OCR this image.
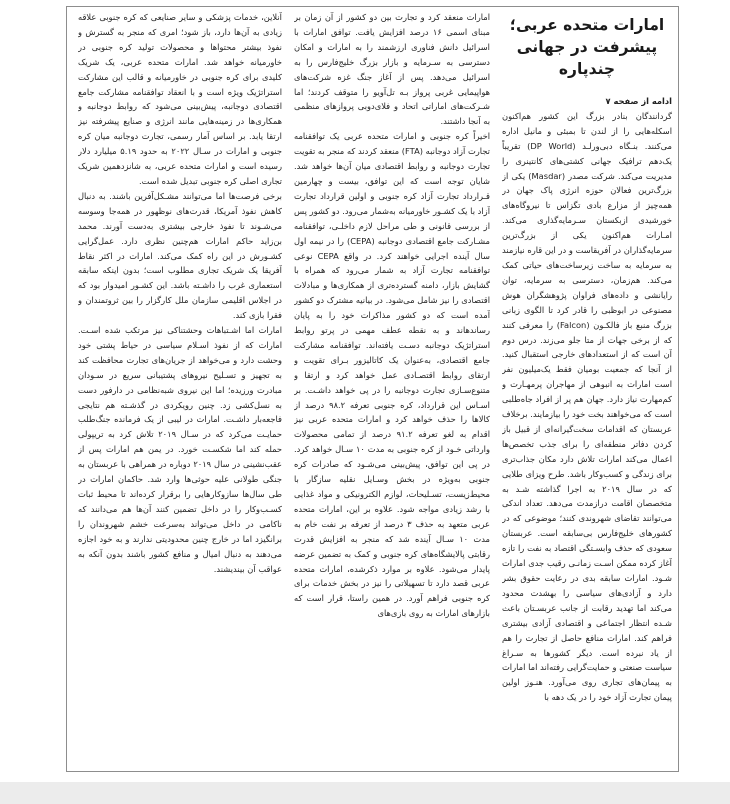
امارات متحده عربی؛
پیشرفت در جهانی چندپاره

ادامه از صفحه ۷

گردانندگان بنادر بزرگ این کشور هم‌اکنون اسکله‌هایی را از لندن تا بمبئی و مانیل اداره می‌کنند. بنـگاه دبی‌ورلـد (DP World) تقریباً یک‌دهم ترافیک جهانی کشتی‌های کانتینری را مدیریت می‌کند. شرکت مصدر (Masdar) یکی از بزرگ‌ترین فعالان حوزه انرژی پاک جهان در همه‌چیز از مزارع بادی تگزاس تا نیروگاه‌های خورشیدی ازبکستان سـرمایه‌گذاری می‌کند. امـارات هم‌اکنون یکی از بزرگ‌ترین سرمایه‌گذاران در آفریقاست و در این قاره نیازمند به سرمایه به ساخت زیرساخت‌های حیاتی کمک می‌کند. هم‌زمان، دسترسی به سرمایه، توان رایانشی و داده‌های فراوان پژوهشگران هوش مصنوعی در ابوظبی را قادر کرد تا الگوی زبانی بزرگ منبع باز فالکـون (Falcon) را معرفی کنند که از برخی جهات از متا جلو می‌زند. درس دوم آن است که از استعدادهای خارجی استقبال کنید. از آنجا که جمعیت بومیان فقط یک‌میلیون نفر است امارات به انبوهی از مهاجران پرمهـارت و کم‌مهارت نیاز دارد. جهان هم پر از افراد جاه‌طلبی است که می‌خواهند بخت خود را بیازمایند. برخلاف عربستان که اقدامات سخت‌گیرانه‌ای از قبیل باز کردن دفاتر منطقه‌ای را برای جذب تخصص‌ها اعمال می‌کند امارات تلاش دارد مکان جذاب‌تری برای زندگی و کسب‌وکار باشد. طرح ویزای طلایی که در سال ۲۰۱۹ به اجرا گذاشته شـد به متخصصان اقامت درازمدت می‌دهد. تعداد اندکی می‌توانند تقاضای شهروندی کنند؛ موضوعی که در کشورهای خلیج‌فارس بی‌سابقه است. عربستان سعودی که حذف وابسـتگی اقتصاد به نفت را تازه آغاز کرده ممکن اسـت زمانـی رقیب جدی امارات شـود. امارات سابقه بدی در رعایت حقوق بشر دارد و آزادی‌های سیاسی را بهشدت محدود می‌کند اما تهدید رقابت از جانب عربسـتان باعث شـده انتظار اجتماعی و اقتصادی آزادی بیشتری فراهم کند. امارات منافع حاصل از تجارت را هم از یاد نبرده است. دیگر کشورها به سـراغ سیاست صنعتی و حمایت‌گرایی رفته‌اند اما امارات به پیمان‌های تجاری روی می‌آورد. هنـوز اولین پیمان تجارت آزاد خود را در یک دهه با

امارات منعقد کرد و تجارت بین دو کشور از آن زمان بر مبنای اسمی ۱۶ درصد افزایش یافت. توافق امارات با اسرائیل دانش فناوری ارزشمند را به امارات و امکان دسترسی به سـرمایه و بازار بزرگ خلیج‌فارس را به اسرائیل می‌دهد. پس از آغاز جنگ غزه شرکت‌های هواپیمایی غربی پرواز بـه تل‌آویو را متوقف کردند؛ اما شـرکت‌های اماراتی اتحاد و فلای‌دوبی پروازهای منظمی به آنجا داشتند.

اخیراً کره جنوبی و امارات متحده عربی یک توافقنامه تجارت آزاد دوجانبه (FTA) منعقد کردند که منجر به تقویت تجارت دوجانبه و روابط اقتصادی میان آن‌ها خواهد شد. شایان توجه است که این توافق، بیست و چهارمین قـرارداد تجارت آزاد کره جنوبی و اولین قرارداد تجارت آزاد با یک کشـور خاورمیانه به‌شمار می‌رود. دو کشور پس از بررسی قانونی و طی مراحل لازم داخلـی، توافقنامه مشـارکت جامع اقتصادی دوجانبه (CEPA) را در نیمه اول سال آینده اجرایی خواهند کرد. در واقع CEPA نوعی توافقنامه تجارت آزاد به شمار می‌رود که همراه با گشایش بازار، دامنه گسترده‌تری از همکاری‌ها و مبادلات اقتصادی را نیز شامل می‌شود. در بیانیه مشترک دو کشور آمده است که دو کشور مذاکرات خود را به پایان رساندهاند و به نقطه عطف مهمی در پرتو روابط استراتژیک دوجانبه دسـت یافته‌اند. توافقنامه مشارکت جامع اقتصادی، به‌عنوان یک کاتالیزور بـرای تقویت و ارتقای روابط اقتصـادی عمل خواهد کرد و ارتقا و متنوع‌سـازی تجارت دوجانبه را در پی خواهد داشـت. بر اسـاس این قرارداد، کره جنوبی تعرفه ۹۸.۲ درصد از کالاها را حذف خواهد کرد و امارات متحده عربی نیز اقدام به لغو تعرفه ۹۱.۲ درصد از تمامی محصولات وارداتی خـود از کره جنوبی به مدت ۱۰ سـال خواهد کرد. در پی این توافق، پیش‌بینی می‌شـود که صادرات کره جنوبی به‌ویژه در بخش وسـایل نقلیه سازگار با محیط‌زیست، تسـلیحات، لوازم الکترونیکی و مواد غذایی با رشد زیادی مواجه شود. علاوه بر این، امارات متحده عربی متعهد به حذف ۳ درصد از تعرفه بر نفت خام به مدت ۱۰ سـال آینده شد که منجر به افزایش قدرت رقابتی پالایشگاه‌های کره جنوبی و کمک به تضمین عرضه پایدار می‌شود. علاوه بر موارد ذکرشده، امارات متحده عربی قصد دارد تا تسهیلاتی را نیز در بخش خدمات برای کره جنوبی فراهم آورد. در همین راستا، قرار است که بازارهای امارات به روی بازی‌های

آنلاین، خدمات پزشکی و سایر صنایعی که کره جنوبی علاقه زیادی به آن‌ها دارد، باز شود؛ امری که منجر به گسترش و نفوذ بیشتر محتواها و محصولات تولید کره جنوبی در خاورمیانه خواهد شد. امارات متحده عربی، یک شریک کلیدی برای کره جنوبی در خاورمیانه و قالب این مشارکت استراتژیک ویژه است و با انعقاد توافقنامه مشارکت جامع اقتصادی دوجانبه، پیش‌بینی می‌شود که روابط دوجانبه و همکاری‌ها در زمینه‌هایی مانند انرژی و صنایع پیشرفته نیز ارتقا یابد. بر اساس آمار رسمی، تجارت دوجانبه میان کره جنوبی و امارات در سـال ۲۰۲۲ به حدود ۵.۱۹ میلیارد دلار رسیده است و امارات متحده عربی، به شانزدهمین شریک تجاری اصلی کره جنوبی تبدیل شده است.

برخی فرصت‌ها اما می‌توانند مشـکل‌آفرین باشند. به دنبال کاهش نفوذ آمریکا، قدرت‌های نوظهور در همه‌جا وسوسه می‌شـوند تا نفوذ خارجی بیشتری به‌دست آورند. محمد بن‌زاید حاکم امارات هم‌چنین نظری دارد. عمل‌گرایی کشـورش در این راه کمک می‌کند. امارات در اکثر نقاط آفریقا یک شریک تجاری مطلوب است؛ بدون اینکه سابقه استعماری غرب را داشـته باشد. این کشـور امیدوار بود که در اجلاس اقلیمی سازمان ملل کارگزار را بین ثروتمندان و فقرا بازی کند.

امارات اما اشـتباهات وحشتناکی نیز مرتکب شده اسـت. امارات که از نفوذ اسـلام سیاسی در حیاط پشتی خود وحشت دارد و می‌خواهد از جریان‌های تجارت محافظت کند به تجهیز و تسـلیح نیروهای پشتیبانی سریع در سـودان مبادرت ورزیده؛ اما این نیروی شبه‌نظامی در دارفور دست به نسل‌کشی زد. چنین رویکردی در گذشـته هم نتایجی فاجعه‌بار داشـت. امارات در لیبی از یک فرمانده جنگ‌طلب حمایـت می‌کرد که در سـال ۲۰۱۹ تلاش کرد به تریپولی حمله کند اما شکسـت خورد. در یمن هم امارات پس از عقب‌نشینی در سال ۲۰۱۹ دوباره در همراهی با عربستان به جنگی طولانی علیه حوثی‌ها وارد شد. حاکمان امارات در طی سال‌ها سازوکارهایی را برقرار کرده‌اند تا محیط ثبات کسـب‌وکار را در داخل تضمین کنند آن‌ها هم می‌دانند که ناکامی در داخل می‌تواند به‌سرعت خشم شهروندان را برانگیزد اما در خارج چنین محدودیتی ندارند و به خود اجازه می‌دهند به دنبال امیال و منافع کشور باشند بدون آنکه به عواقب آن بیندیشند.
